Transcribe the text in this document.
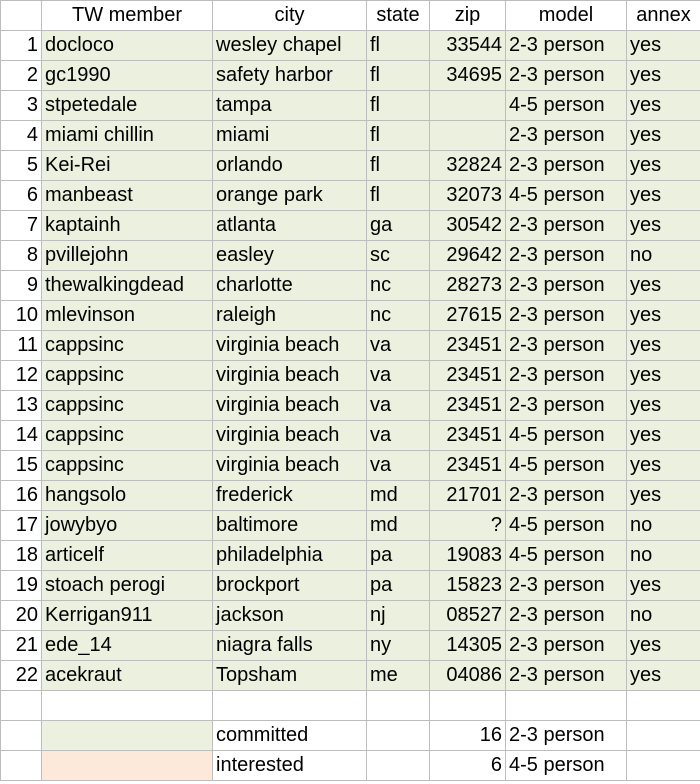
	TW member	city	state	zip	model	annex
1	docloco	wesley chapel	fl	33544	2-3 person	yes
2	gc1990	safety harbor	fl	34695	2-3 person	yes
3	stpetedale	tampa	fl		4-5 person	yes
4	miami chillin	miami	fl		2-3 person	yes
5	Kei-Rei	orlando	fl	32824	2-3 person	yes
6	manbeast	orange park	fl	32073	4-5 person	yes
7	kaptainh	atlanta	ga	30542	2-3 person	yes
8	pvillejohn	easley	sc	29642	2-3 person	no
9	thewalkingdead	charlotte	nc	28273	2-3 person	yes
10	mlevinson	raleigh	nc	27615	2-3 person	yes
11	cappsinc	virginia beach	va	23451	2-3 person	yes
12	cappsinc	virginia beach	va	23451	2-3 person	yes
13	cappsinc	virginia beach	va	23451	2-3 person	yes
14	cappsinc	virginia beach	va	23451	4-5 person	yes
15	cappsinc	virginia beach	va	23451	4-5 person	yes
16	hangsolo	frederick	md	21701	2-3 person	yes
17	jowybyo	baltimore	md	?	4-5 person	no
18	articelf	philadelphia	pa	19083	4-5 person	no
19	stoach perogi	brockport	pa	15823	2-3 person	yes
20	Kerrigan911	jackson	nj	08527	2-3 person	no
21	ede_14	niagra falls	ny	14305	2-3 person	yes
22	acekraut	Topsham	me	04086	2-3 person	yes

		committed		16	2-3 person	
		interested		6	4-5 person	
